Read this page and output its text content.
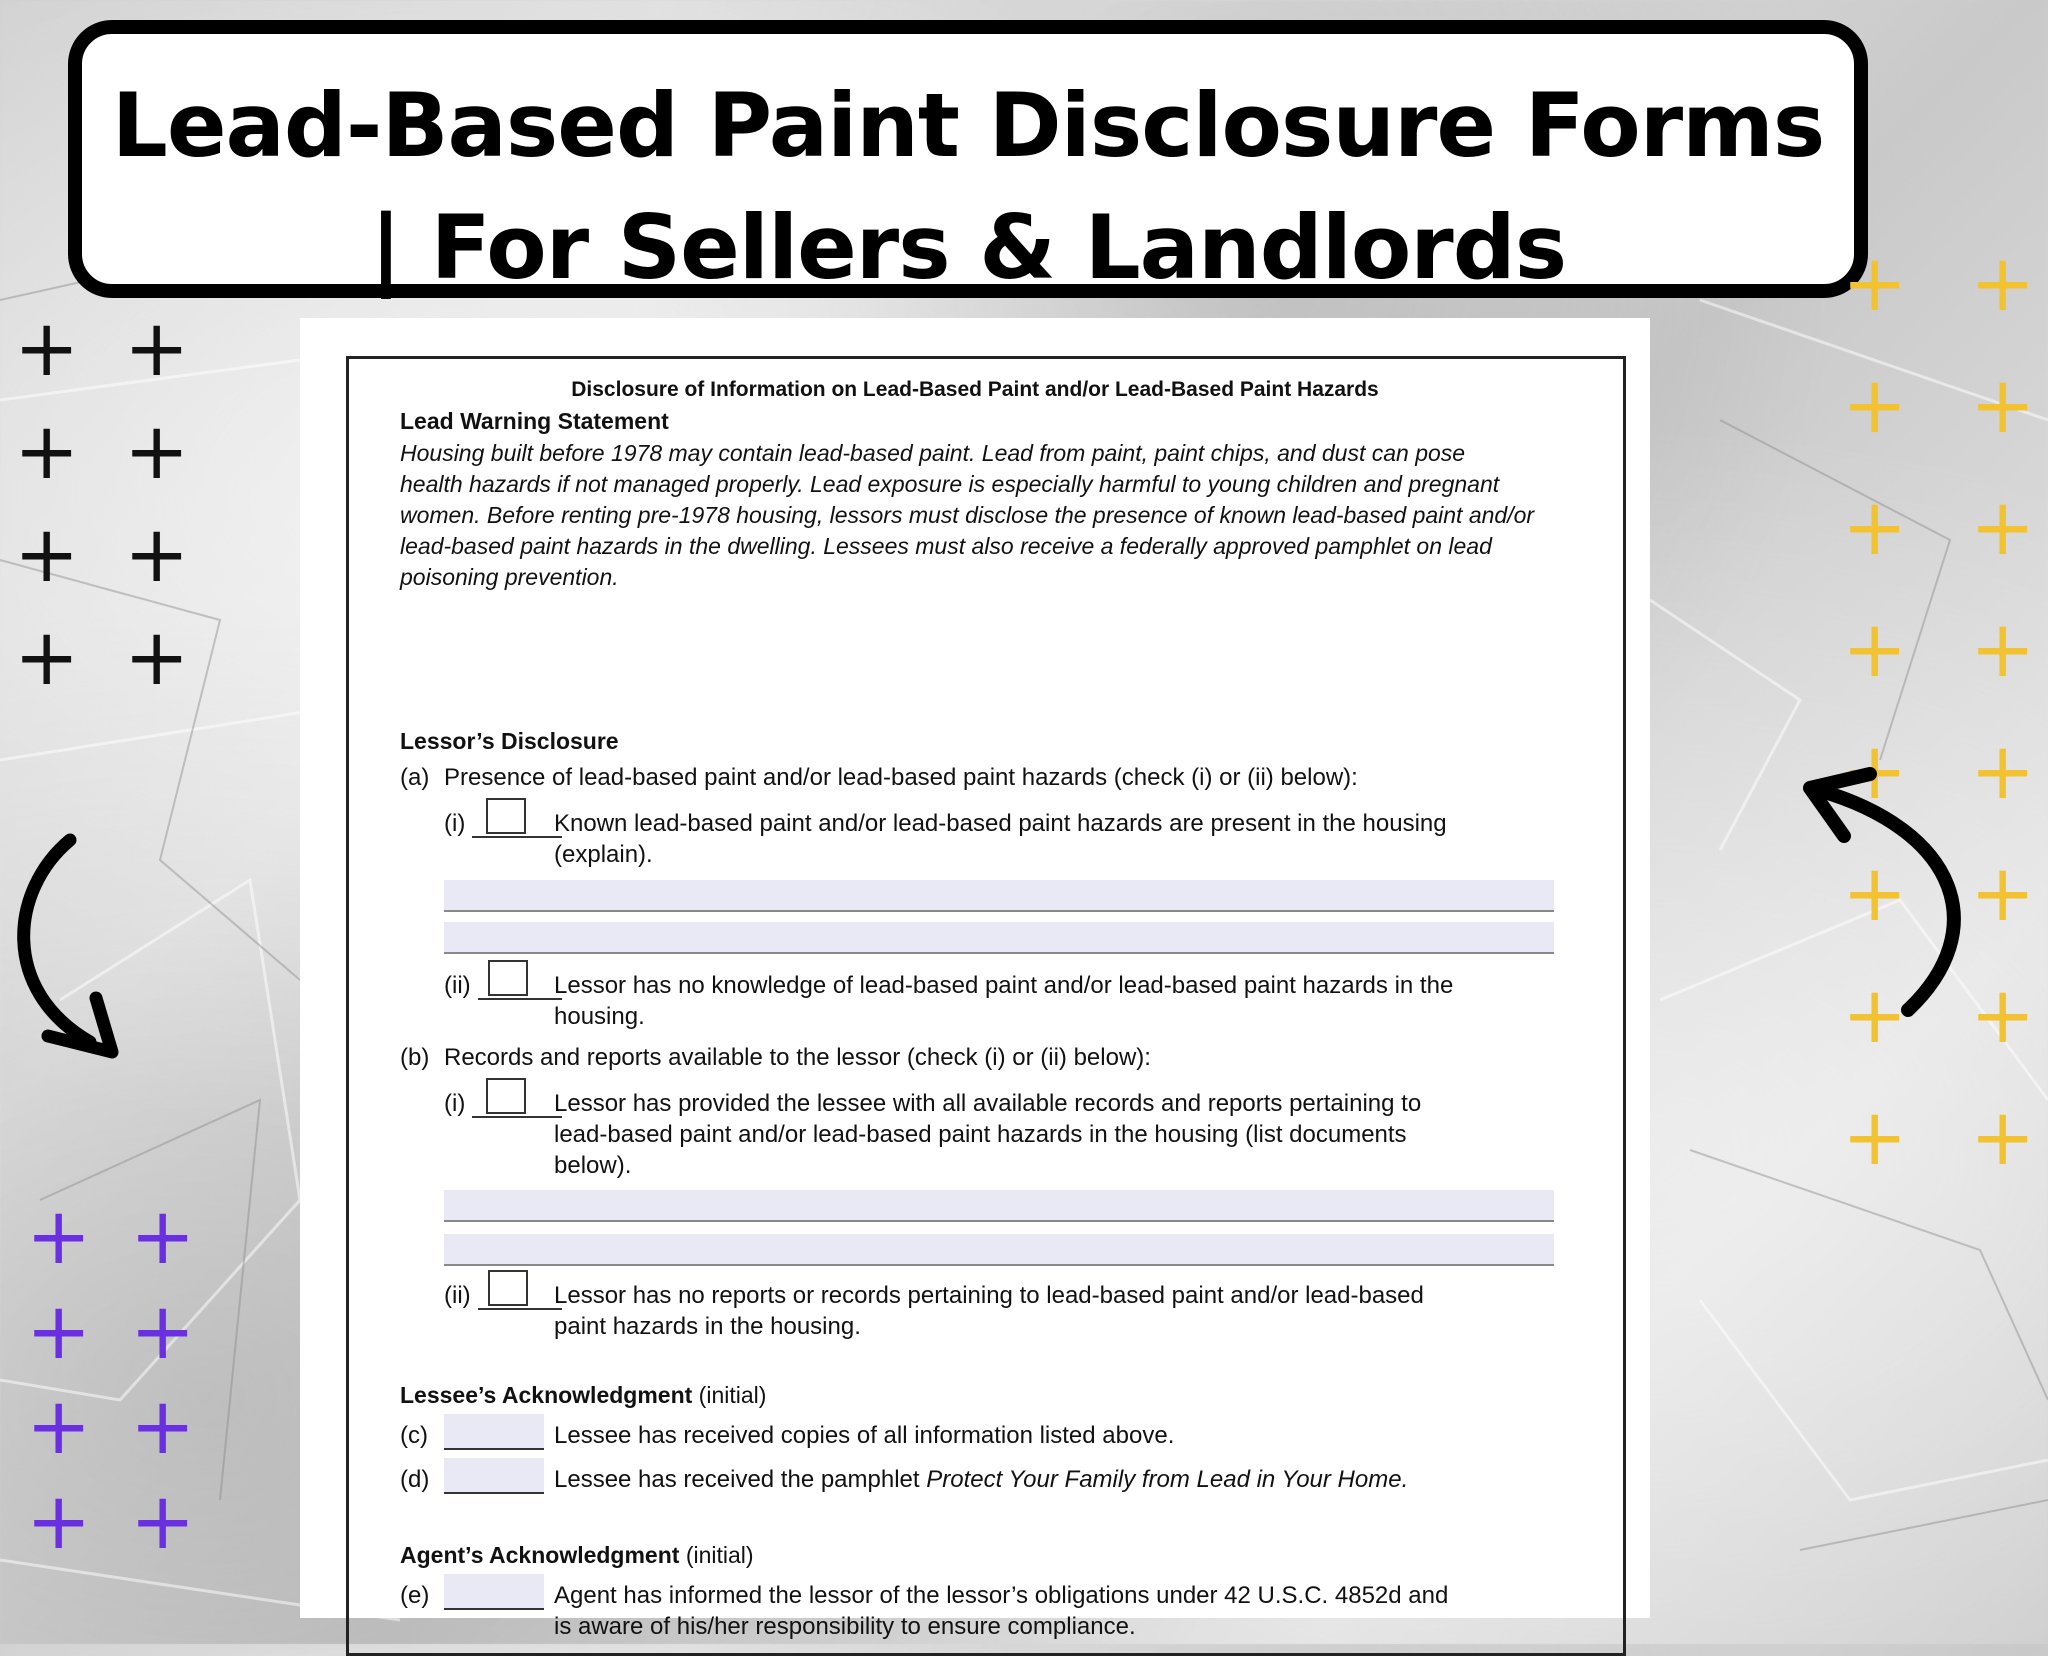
Lead-Based Paint Disclosure Forms
| For Sellers & Landlords
+ +
+ +
+ +
+ +
+ +
+ +
+ +
+ +
+ +
+ +
+ +
+ +
+ +
+ +
+ +
+ +
Disclosure of Information on Lead-Based Paint and/or Lead-Based Paint Hazards
Lead Warning Statement
Housing built before 1978 may contain lead-based paint. Lead from paint, paint chips, and dust can pose
health hazards if not managed properly. Lead exposure is especially harmful to young children and pregnant
women. Before renting pre-1978 housing, lessors must disclose the presence of known lead-based paint and/or
lead-based paint hazards in the dwelling. Lessees must also receive a federally approved pamphlet on lead
poisoning prevention.
Lessor’s Disclosure
(a) Presence of lead-based paint and/or lead-based paint hazards (check (i) or (ii) below):
(i)	Known lead-based paint and/or lead-based paint hazards are present in the housing
(explain).
(ii)	Lessor has no knowledge of lead-based paint and/or lead-based paint hazards in the
housing.
(b) Records and reports available to the lessor (check (i) or (ii) below):
(i)	Lessor has provided the lessee with all available records and reports pertaining to
lead-based paint and/or lead-based paint hazards in the housing (list documents
below).
(ii)	Lessor has no reports or records pertaining to lead-based paint and/or lead-based
paint hazards in the housing.
Lessee’s Acknowledgment (initial)
(c)	Lessee has received copies of all information listed above.
(d)	Lessee has received the pamphlet Protect Your Family from Lead in Your Home.
Agent’s Acknowledgment (initial)
(e)	Agent has informed the lessor of the lessor’s obligations under 42 U.S.C. 4852d and
is aware of his/her responsibility to ensure compliance.
